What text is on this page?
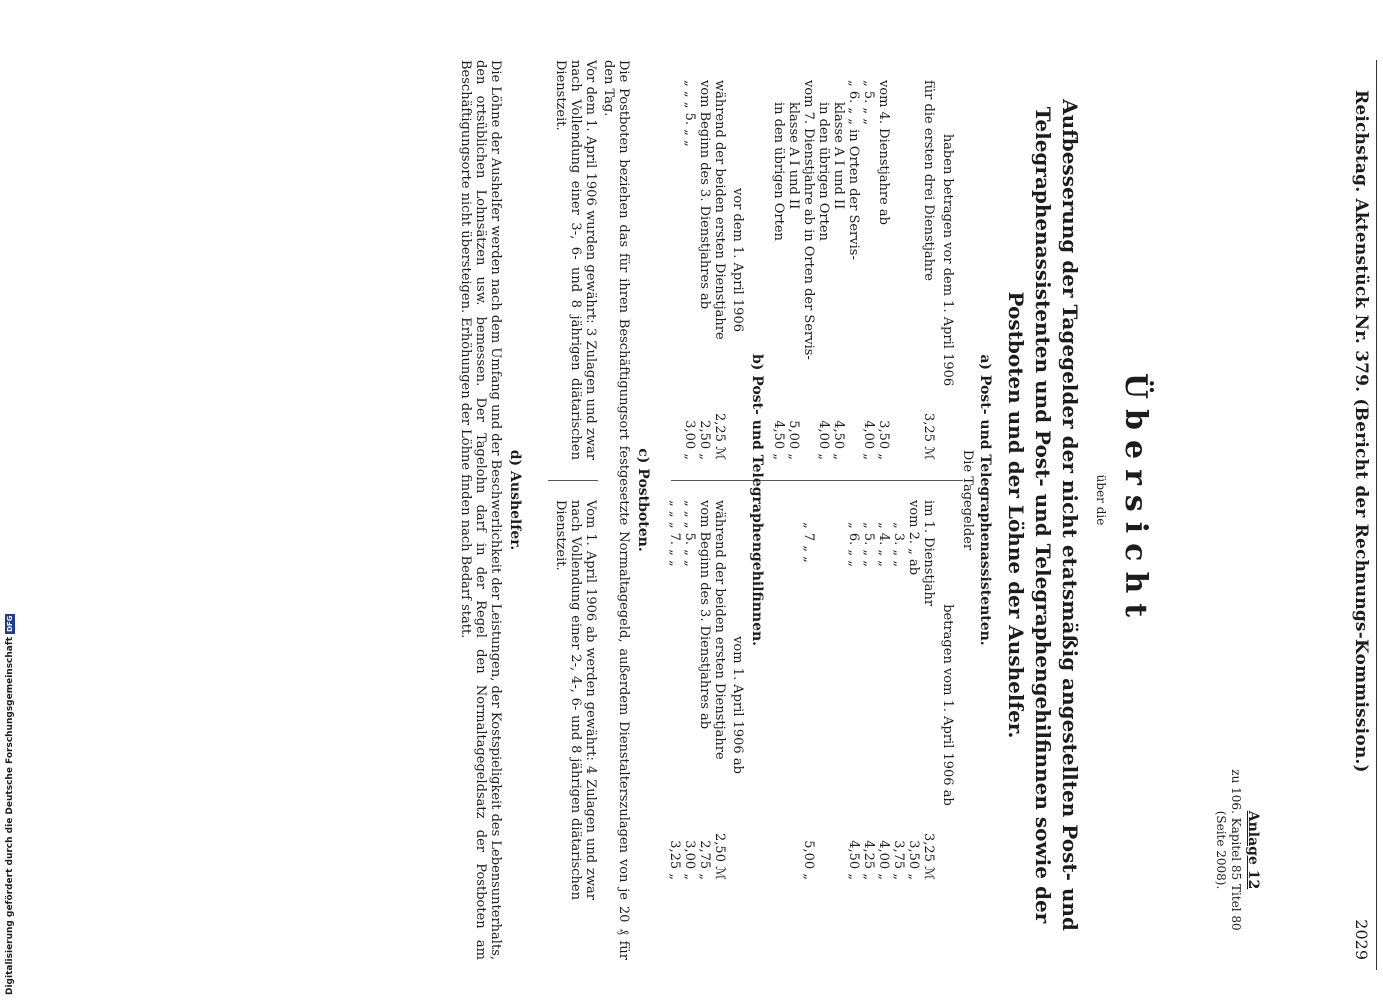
Reichstag. Aktenstück Nr. 379. (Bericht der Rechnungs-Kommission.)
2029
Anlage 12
zu 106. Kapitel 85 Titel 80
(Seite 2008).
Übersicht
über die
Aufbesserung der Tagegelder der nicht etatsmäßig angestellten Post- und Telegraphenassistenten und Post- und Telegraphengehilfinnen sowie der Postboten und der Löhne der Aushelfer.
a) Post- und Telegraphenassistenten.
Die Tagegelder
haben betragen vor dem 1. April 1906
betragen vom 1. April 1906 ab
für die ersten drei Dienstjahre
3,25 ℳ
vom 4. Dienstjahre ab
3,50 „
„ 5. „ „
4,00 „
„ 6. „ „ in Orten der Servis-
klasse A I und II
4,50 „
in den übrigen Orten
4,00 „
vom 7. Dienstjahre ab in Orten der Servis-
klasse A I und II
5,00 „
in den übrigen Orten
4,50 „
im 1. Dienstjahr
3,25 ℳ
vom 2. „ ab
3,50 „
„ 3. „ „
3,75 „
„ 4. „ „
4,00 „
„ 5. „ „
4,25 „
„ 6. „ „
4,50 „
„ 7 „ „
5,00 „
b) Post- und Telegraphengehilfinnen.
vor dem 1. April 1906
vom 1. April 1906 ab
während der beiden ersten Dienstjahre
2,25 ℳ
vom Beginn des 3. Dienstjahres ab
2,50 „
„ „ „ 5. „ „
3,00 „
während der beiden ersten Dienstjahre
2,50 ℳ
vom Beginn des 3. Dienstjahres ab
2,75 „
„ „ „ 5. „ „
3,00 „
„ „ „ 7. „ „
3,25 „
c) Postboten.
Die Postboten beziehen das für ihren Beschäftigungsort festgesetzte Normaltagegeld, außerdem Dienstalterszulagen von je 20 ₰ für den Tag.
Vor dem 1. April 1906 wurden gewährt: 3 Zulagen und zwar nach Vollendung einer 3-, 6- und 8 jährigen diätarischen Dienstzeit.
Vom 1. April 1906 ab werden gewährt: 4 Zulagen und zwar nach Vollendung einer 2-, 4-, 6- und 8 jährigen diätarischen Dienstzeit.
d) Aushelfer.
Die Löhne der Aushelfer werden nach dem Umfang und der Beschwerlichkeit der Leistungen, der Kostspieligkeit des Lebensunterhalts, den ortsüblichen Lohnsätzen usw. bemessen. Der Tagelohn darf in der Regel den Normaltagegeldsatz der Postboten am Beschäftigungsorte nicht übersteigen. Erhöhungen der Löhne finden nach Bedarf statt.
Digitalisierung gefördert durch die Deutsche Forschungsgemeinschaft
DFG
